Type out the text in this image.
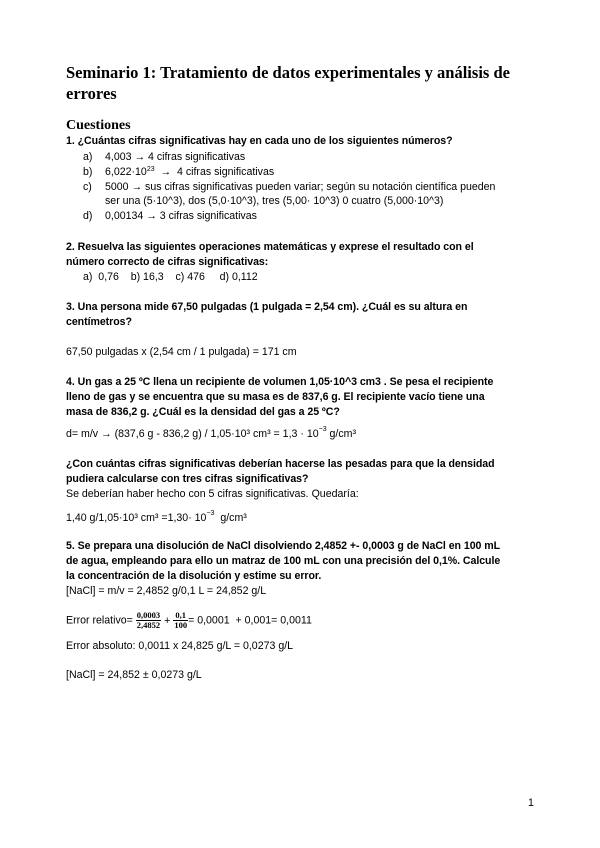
Seminario 1: Tratamiento de datos experimentales y análisis de errores
Cuestiones
1. ¿Cuántas cifras significativas hay en cada uno de los siguientes números?
a) 4,003 → 4 cifras significativas
b) $6,022\cdot 10^{23} \to 4$ cifras significativas
c) 5000 → sus cifras significativas pueden variar; según su notación científica pueden
ser una (5·10^3), dos (5,0·10^3), tres (5,00· 10^3) 0 cuatro (5,000·10^3)
d) 0,00134 → 3 cifras significativas
2. Resuelva las siguientes operaciones matemáticas y exprese el resultado con el
número correcto de cifras significativas:
a)  0,76    b) 16,3    c) 476     d) 0,112
3. Una persona mide 67,50 pulgadas (1 pulgada = 2,54 cm). ¿Cuál es su altura en
centímetros?
67,50 pulgadas x (2,54 cm / 1 pulgada) = 171 cm
4. Un gas a 25 ºC llena un recipiente de volumen 1,05·10^3 cm3 . Se pesa el recipiente
lleno de gas y se encuentra que su masa es de 837,6 g. El recipiente vacío tiene una
masa de 836,2 g. ¿Cuál es la densidad del gas a 25 ºC?
d= m/v → (837,6 g - 836,2 g) / 1,05·10³ $cm^3 = 1,3 \cdot 10^{-3}$ g/cm³
¿Con cuántas cifras significativas deberían hacerse las pesadas para que la densidad
pudiera calcularse con tres cifras significativas?
Se deberían haber hecho con 5 cifras significativas. Quedaría:
1,40 g/1,05·10³ $cm^3 =1,30\cdot 10^{-3}$  g/cm³
5. Se prepara una disolución de NaCl disolviendo 2,4852 +- 0,0003 g de NaCl en 100 mL
de agua, empleando para ello un matraz de 100 mL con una precisión del 0,1%. Calcule
la concentración de la disolución y estime su error.
[NaCl] = m/v = 2,4852 g/0,1 L = 24,852 g/L
Error relativo= $\frac{0,0003}{2,4852} + \frac{0,1}{100} = 0,0001 + 0,001= 0,0011$
Error absoluto: 0,0011 x 24,825 g/L = 0,0273 g/L
[NaCl] = 24,852 ± 0,0273 g/L
1
